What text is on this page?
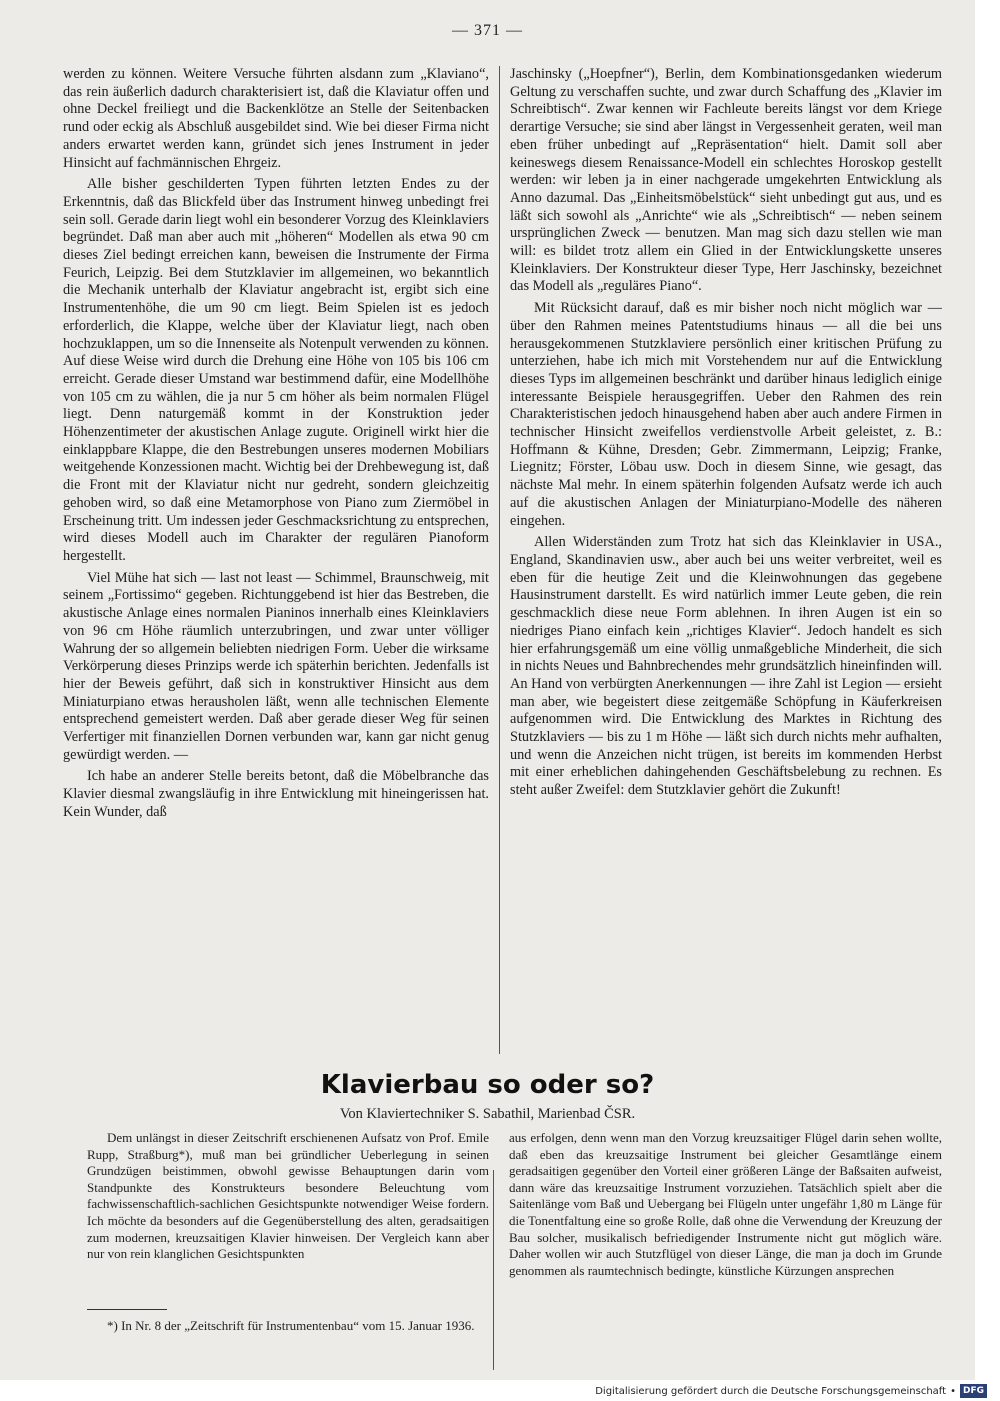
— 371 —

werden zu können. Weitere Versuche führten alsdann zum „Klaviano“, das rein äußerlich dadurch charakterisiert ist, daß die Klaviatur offen und ohne Deckel freiliegt und die Backenklötze an Stelle der Seitenbacken rund oder eckig als Abschluß ausgebildet sind. Wie bei dieser Firma nicht anders erwartet werden kann, gründet sich jenes Instrument in jeder Hinsicht auf fachmännischen Ehrgeiz.

Alle bisher geschilderten Typen führten letzten Endes zu der Erkenntnis, daß das Blickfeld über das Instrument hinweg unbedingt frei sein soll. Gerade darin liegt wohl ein besonderer Vorzug des Kleinklaviers begründet. Daß man aber auch mit „höheren“ Modellen als etwa 90 cm dieses Ziel bedingt erreichen kann, beweisen die Instrumente der Firma Feurich, Leipzig. Bei dem Stutzklavier im allgemeinen, wo bekanntlich die Mechanik unterhalb der Klaviatur angebracht ist, ergibt sich eine Instrumentenhöhe, die um 90 cm liegt. Beim Spielen ist es jedoch erforderlich, die Klappe, welche über der Klaviatur liegt, nach oben hochzuklappen, um so die Innenseite als Notenpult verwenden zu können. Auf diese Weise wird durch die Drehung eine Höhe von 105 bis 106 cm erreicht. Gerade dieser Umstand war bestimmend dafür, eine Modellhöhe von 105 cm zu wählen, die ja nur 5 cm höher als beim normalen Flügel liegt. Denn naturgemäß kommt in der Konstruktion jeder Höhenzentimeter der akustischen Anlage zugute. Originell wirkt hier die einklappbare Klappe, die den Bestrebungen unseres modernen Mobiliars weitgehende Konzessionen macht. Wichtig bei der Drehbewegung ist, daß die Front mit der Klaviatur nicht nur gedreht, sondern gleichzeitig gehoben wird, so daß eine Metamorphose von Piano zum Ziermöbel in Erscheinung tritt. Um indessen jeder Geschmacksrichtung zu entsprechen, wird dieses Modell auch im Charakter der regulären Pianoform hergestellt.

Viel Mühe hat sich — last not least — Schimmel, Braunschweig, mit seinem „Fortissimo“ gegeben. Richtunggebend ist hier das Bestreben, die akustische Anlage eines normalen Pianinos innerhalb eines Kleinklaviers von 96 cm Höhe räumlich unterzubringen, und zwar unter völliger Wahrung der so allgemein beliebten niedrigen Form. Ueber die wirksame Verkörperung dieses Prinzips werde ich späterhin berichten. Jedenfalls ist hier der Beweis geführt, daß sich in konstruktiver Hinsicht aus dem Miniaturpiano etwas herausholen läßt, wenn alle technischen Elemente entsprechend gemeistert werden. Daß aber gerade dieser Weg für seinen Verfertiger mit finanziellen Dornen verbunden war, kann gar nicht genug gewürdigt werden. —

Ich habe an anderer Stelle bereits betont, daß die Möbelbranche das Klavier diesmal zwangsläufig in ihre Entwicklung mit hineingerissen hat. Kein Wunder, daß

Jaschinsky („Hoepfner“), Berlin, dem Kombinationsgedanken wiederum Geltung zu verschaffen suchte, und zwar durch Schaffung des „Klavier im Schreibtisch“. Zwar kennen wir Fachleute bereits längst vor dem Kriege derartige Versuche; sie sind aber längst in Vergessenheit geraten, weil man eben früher unbedingt auf „Repräsentation“ hielt. Damit soll aber keineswegs diesem Renaissance-Modell ein schlechtes Horoskop gestellt werden: wir leben ja in einer nachgerade umgekehrten Entwicklung als Anno dazumal. Das „Einheitsmöbelstück“ sieht unbedingt gut aus, und es läßt sich sowohl als „Anrichte“ wie als „Schreibtisch“ — neben seinem ursprünglichen Zweck — benutzen. Man mag sich dazu stellen wie man will: es bildet trotz allem ein Glied in der Entwicklungskette unseres Kleinklaviers. Der Konstrukteur dieser Type, Herr Jaschinsky, bezeichnet das Modell als „reguläres Piano“.

Mit Rücksicht darauf, daß es mir bisher noch nicht möglich war — über den Rahmen meines Patentstudiums hinaus — all die bei uns herausgekommenen Stutzklaviere persönlich einer kritischen Prüfung zu unterziehen, habe ich mich mit Vorstehendem nur auf die Entwicklung dieses Typs im allgemeinen beschränkt und darüber hinaus lediglich einige interessante Beispiele herausgegriffen. Ueber den Rahmen des rein Charakteristischen jedoch hinausgehend haben aber auch andere Firmen in technischer Hinsicht zweifellos verdienstvolle Arbeit geleistet, z. B.: Hoffmann & Kühne, Dresden; Gebr. Zimmermann, Leipzig; Franke, Liegnitz; Förster, Löbau usw. Doch in diesem Sinne, wie gesagt, das nächste Mal mehr. In einem späterhin folgenden Aufsatz werde ich auch auf die akustischen Anlagen der Miniaturpiano-Modelle des näheren eingehen.

Allen Widerständen zum Trotz hat sich das Kleinklavier in USA., England, Skandinavien usw., aber auch bei uns weiter verbreitet, weil es eben für die heutige Zeit und die Kleinwohnungen das gegebene Hausinstrument darstellt. Es wird natürlich immer Leute geben, die rein geschmacklich diese neue Form ablehnen. In ihren Augen ist ein so niedriges Piano einfach kein „richtiges Klavier“. Jedoch handelt es sich hier erfahrungsgemäß um eine völlig unmaßgebliche Minderheit, die sich in nichts Neues und Bahnbrechendes mehr grundsätzlich hineinfinden will. An Hand von verbürgten Anerkennungen — ihre Zahl ist Legion — ersieht man aber, wie begeistert diese zeitgemäße Schöpfung in Käuferkreisen aufgenommen wird. Die Entwicklung des Marktes in Richtung des Stutzklaviers — bis zu 1 m Höhe — läßt sich durch nichts mehr aufhalten, und wenn die Anzeichen nicht trügen, ist bereits im kommenden Herbst mit einer erheblichen dahingehenden Geschäftsbelebung zu rechnen. Es steht außer Zweifel: dem Stutzklavier gehört die Zukunft!

Klavierbau so oder so?
Von Klaviertechniker S. Sabathil, Marienbad ČSR.

Dem unlängst in dieser Zeitschrift erschienenen Aufsatz von Prof. Emile Rupp, Straßburg*), muß man bei gründlicher Ueberlegung in seinen Grundzügen beistimmen, obwohl gewisse Behauptungen darin vom Standpunkte des Konstrukteurs besondere Beleuchtung vom fachwissenschaftlich-sachlichen Gesichtspunkte notwendiger Weise fordern. Ich möchte da besonders auf die Gegenüberstellung des alten, geradsaitigen zum modernen, kreuzsaitigen Klavier hinweisen. Der Vergleich kann aber nur von rein klanglichen Gesichtspunkten

aus erfolgen, denn wenn man den Vorzug kreuzsaitiger Flügel darin sehen wollte, daß eben das kreuzsaitige Instrument bei gleicher Gesamtlänge einem geradsaitigen gegenüber den Vorteil einer größeren Länge der Baßsaiten aufweist, dann wäre das kreuzsaitige Instrument vorzuziehen. Tatsächlich spielt aber die Saitenlänge vom Baß und Uebergang bei Flügeln unter ungefähr 1,80 m Länge für die Tonentfaltung eine so große Rolle, daß ohne die Verwendung der Kreuzung der Bau solcher, musikalisch befriedigender Instrumente nicht gut möglich wäre. Daher wollen wir auch Stutzflügel von dieser Länge, die man ja doch im Grunde genommen als raumtechnisch bedingte, künstliche Kürzungen ansprechen

*) In Nr. 8 der „Zeitschrift für Instrumentenbau“ vom 15. Januar 1936.
Digitalisierung gefördert durch die Deutsche Forschungsgemeinschaft • DFG
